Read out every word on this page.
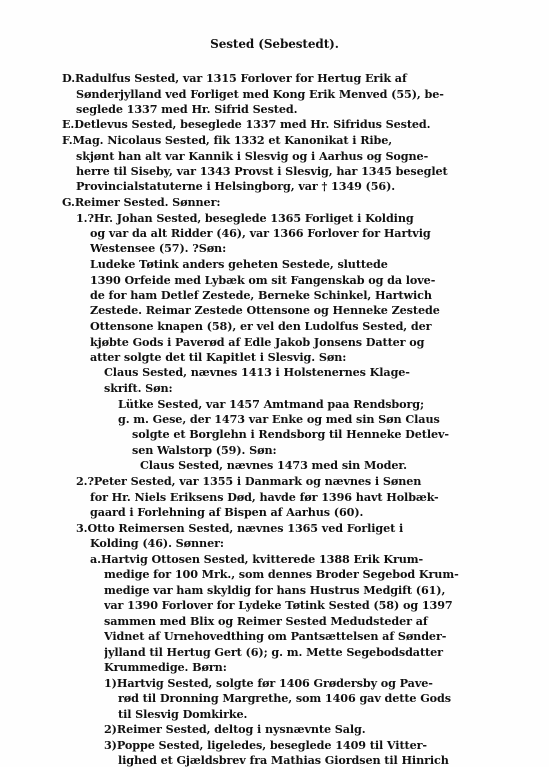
Sested (Sebestedt).
D.Radulfus Sested, var 1315 Forlover for Hertug Erik af
Sønderjylland ved Forliget med Kong Erik Menved (55), be-
seglede 1337 med Hr. Sifrid Sested.
E.Detlevus Sested, beseglede 1337 med Hr. Sifridus Sested.
F.Mag. Nicolaus Sested, fik 1332 et Kanonikat i Ribe,
skjønt han alt var Kannik i Slesvig og i Aarhus og Sogne-
herre til Siseby, var 1343 Provst i Slesvig, har 1345 beseglet
Provincialstatuterne i Helsingborg, var † 1349 (56).
G.Reimer Sested. Sønner:
1.?Hr. Johan Sested, beseglede 1365 Forliget i Kolding
og var da alt Ridder (46), var 1366 Forlover for Hartvig
Westensee (57). ?Søn:
Ludeke Tøtink anders geheten Sestede, sluttede
1390 Orfeide med Lybæk om sit Fangenskab og da love-
de for ham Detlef Zestede, Berneke Schinkel, Hartwich
Zestede. Reimar Zestede Ottensone og Henneke Zestede
Ottensone knapen (58), er vel den Ludolfus Sested, der
kjøbte Gods i Paverød af Edle Jakob Jonsens Datter og
atter solgte det til Kapitlet i Slesvig. Søn:
Claus Sested, nævnes 1413 i Holstenernes Klage-
skrift. Søn:
Lütke Sested, var 1457 Amtmand paa Rendsborg;
g. m. Gese, der 1473 var Enke og med sin Søn Claus
solgte et Borglehn i Rendsborg til Henneke Detlev-
sen Walstorp (59). Søn:
Claus Sested, nævnes 1473 med sin Moder.
2.?Peter Sested, var 1355 i Danmark og nævnes i Sønen
for Hr. Niels Eriksens Død, havde før 1396 havt Holbæk-
gaard i Forlehning af Bispen af Aarhus (60).
3.Otto Reimersen Sested, nævnes 1365 ved Forliget i
Kolding (46). Sønner:
a.Hartvig Ottosen Sested, kvitterede 1388 Erik Krum-
medige for 100 Mrk., som dennes Broder Segebod Krum-
medige var ham skyldig for hans Hustrus Medgift (61),
var 1390 Forlover for Lydeke Tøtink Sested (58) og 1397
sammen med Blix og Reimer Sested Medudsteder af
Vidnet af Urnehovedthing om Pantsættelsen af Sønder-
jylland til Hertug Gert (6); g. m. Mette Segebodsdatter
Krummedige. Børn:
1)Hartvig Sested, solgte før 1406 Grødersby og Pave-
rød til Dronning Margrethe, som 1406 gav dette Gods
til Slesvig Domkirke.
2)Reimer Sested, deltog i nysnævnte Salg.
3)Poppe Sested, ligeledes, beseglede 1409 til Vitter-
lighed et Gjældsbrev fra Mathias Giordsen til Hinrich
